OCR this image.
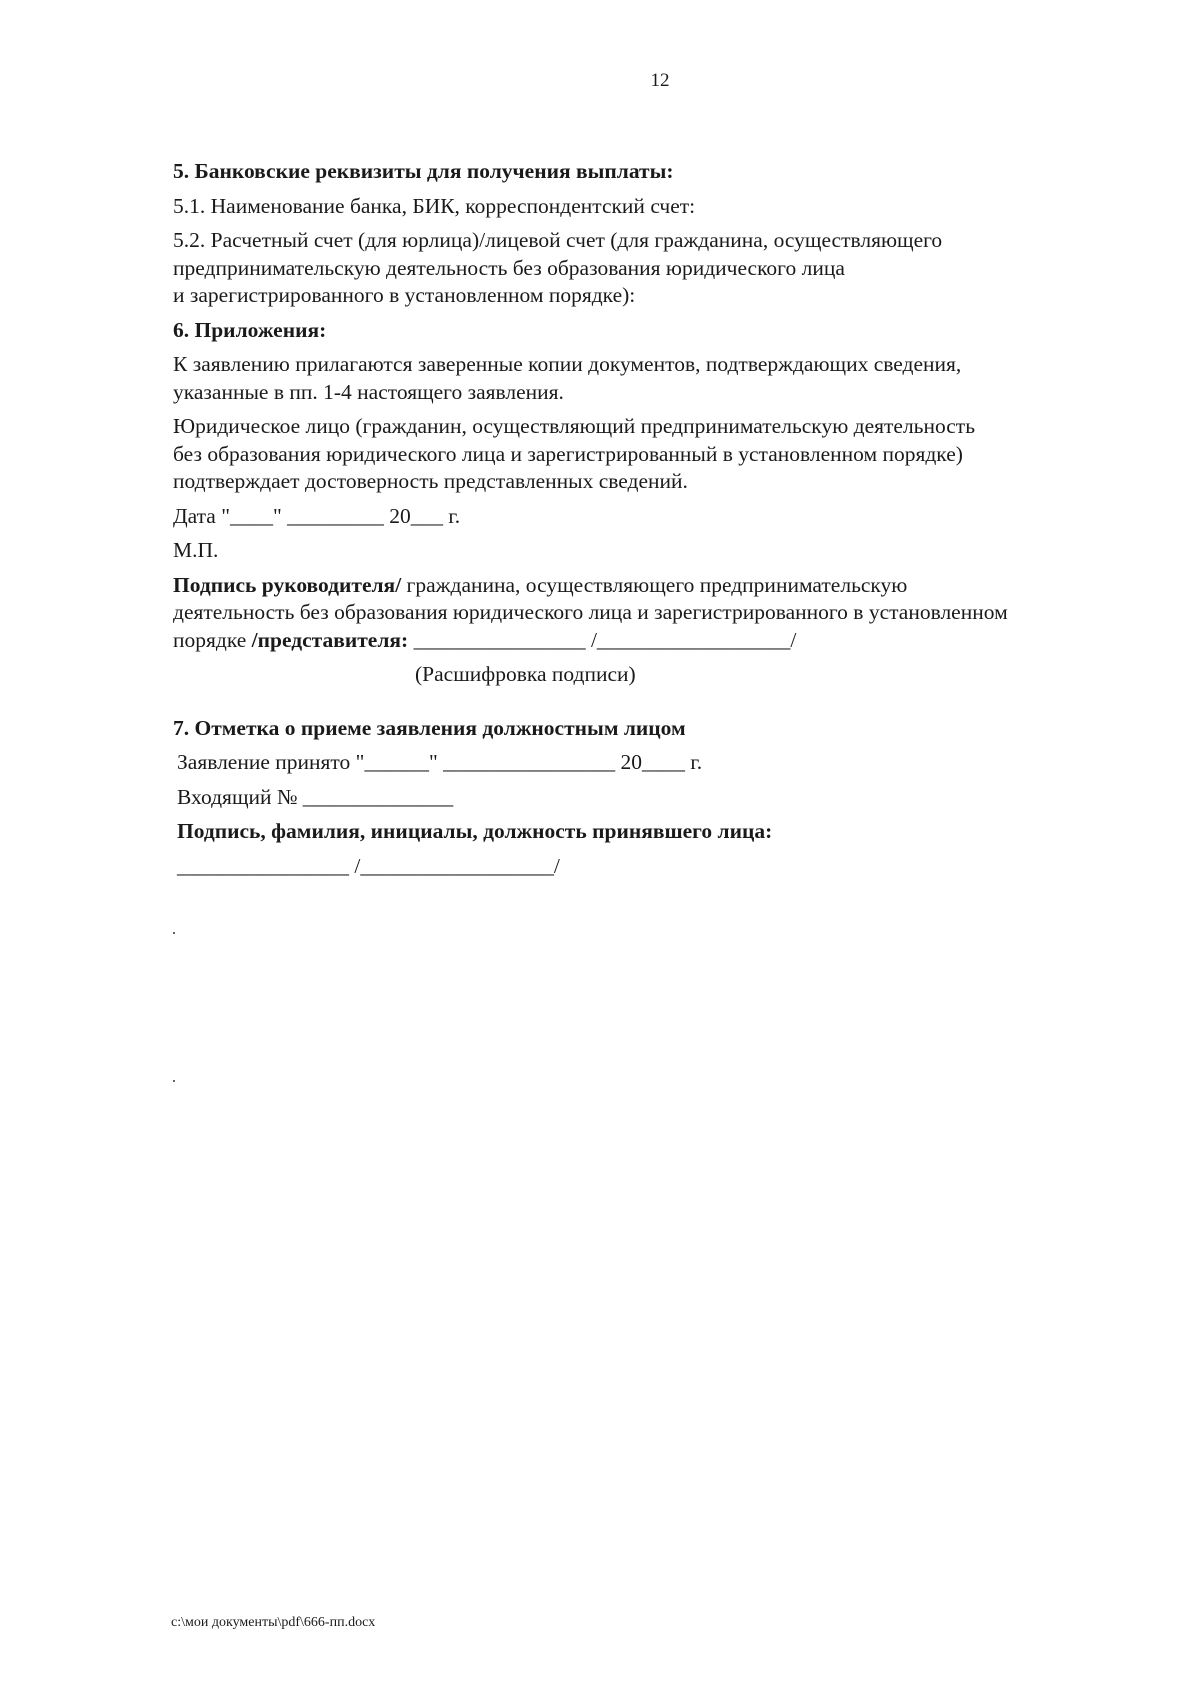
12

5. Банковские реквизиты для получения выплаты:

5.1. Наименование банка, БИК, корреспондентский счет:

5.2. Расчетный счет (для юрлица)/лицевой счет (для гражданина, осуществляющего
предпринимательскую деятельность без образования юридического лица
и зарегистрированного в установленном порядке):

6. Приложения:

К заявлению прилагаются заверенные копии документов, подтверждающих сведения,
указанные в пп. 1-4 настоящего заявления.

Юридическое лицо (гражданин, осуществляющий предпринимательскую деятельность
без образования юридического лица и зарегистрированный в установленном порядке)
подтверждает достоверность представленных сведений.

Дата "____" _________ 20___ г.

М.П.

Подпись руководителя/ гражданина, осуществляющего предпринимательскую
деятельность без образования юридического лица и зарегистрированного в установленном
порядке /представителя: ________________ /__________________/

(Расшифровка подписи)

7. Отметка о приеме заявления должностным лицом

Заявление принято "______" ________________ 20____ г.

Входящий № ______________

Подпись, фамилия, инициалы, должность принявшего лица:

________________ /__________________/

c:\мои документы\pdf\666-пп.docx
